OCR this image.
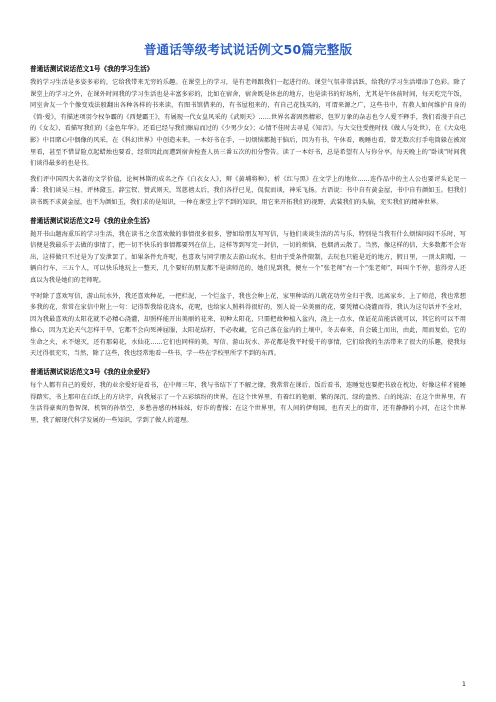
普通话等级考试说话例文50篇完整版
普通话测试说话范文1号《我的学习生活》

我的学习生活是多姿多彩的，它给我带来无穷的乐趣。在课堂上的学习，是有老师跟我们一起进行的。课堂气氛非常活跃，给我的学习生活增添了色彩。除了课堂上的学习之外，在课外时间我的学习生活也是丰富多彩的，比如在宿舍，宿舍既是休息的地方，也是读书的好场所，尤其是午休前时间，每天吃完午饭，同室舍友一个个像变戏法般翻出各种各样的书来读，有图书馆借来的，有书屋租来的，有自己花钱买的，可谓来源之广，这些书中，有教人如何维护自身的《简·爱》，有描述项羽令权争霸的《西楚霸王》，有展现一代女皇风采的《武则天》……世界名著固然精彩，包罗万象的杂志也令人爱不释手，我们看漫于自己的《女友》，看描写我们的《金色年华》。还看已经与我们擦肩而过的《少男少女》；心情不佳时去寻觅《知音》。与大交往受挫时找《做人与处世》，在《大众电影》中目睹心中偶像的风采，在《科幻世界》中创造未来。一本好书在手，一切烦恼都抛于脑后，因为有书，午休看，晚睡也看，曾无数次打手电筒躲在被窝里看，甚至不惜冒险点起蜡烛也要看，经常因此而遭到宿舍检查人员三番五次的扣分警告。读了一本好书，总是希望有人与你分享。每天晚上的“卧谈”时间我们谈得最多的也是书。

我们评中国四大名著的文学价值，论柯林斯的成名之作《白衣女人》，辩《黄埔将种》，析《红与黑》在文学上的地位……连作品中的主人公也要评头论足一番：我们谈吴三桂、评林黛玉、辞宝钗、赞武则天，骂慈禧太后，我们各抒已见，侃侃而谈，神采飞扬。古语说：书中自有黄金屋，书中自有颜如玉。但我们读书既不求黄金屋，也不为颜如玉，我们求的是知识，一种在课堂上学不到的知识，用它来开拓我们的视野，武装我们的头脑，充实我们的精神世界。

普通话测试说话范文2号《我的业余生活》

抛开书山题海重压的学习生活，我在读书之余喜欢做的事情很多很多，譬如给朋友写写信，与他们谈谈生活的苦与乐，特别是当我有什么烦恼问闷不乐时，写信便是我最乐于去做的事情了，把一切不快乐的事情都要列在信上，这样等到写完一封信，一切的烦恼，也烟消云散了。当然，像这样的信，大多数都不会寄出，这样做只不过是为了发泄罢了。如果条件允许呢，也喜欢与同学朋友去游山玩水，但由于受条件限制，去玩也只能是近的地方，假日里，一顶太阳帽，一辆自行车，三五个人，可以快乐地玩上一整天，几个要好的朋友都不是读师范的，她们见到我，便左一个“张老师”右一个“张老师”，叫叫个不停，惹得旁人还真以为我是她们的老师呢。

平时除了喜欢写信，游山玩水外，我还喜欢种花，一把栏泥，一个烂盆子，我也会种上花，家里种话的儿就花功劳全归于我，远离家乡，上了师范，我也常想多我的花，常常在家信中附上一句：记得帮我给花浇水，花呢，也给家人照料得很好的，别人说一朵美丽的花，要凭精心浇灌而得，我认为这句话并不全对，因为我最喜欢的太阳花就不必精心浇灌，却照样能开出美丽的花来，初种太阳花，只需把故种植入盆内，浇上一点水，保证花苗能活就可以，其它的可以不用操心，因为无论天气怎样干旱，它都不会向死神屈服，太阳花结籽，不必收藏，它自己落在盆内的土壤中，冬去春来，自会破土而出，由此，周而复始，它的生命之火，永不熄灭，还有那菊花，水仙花……它们也同样的美，写信、游山玩水、养花都是我平时爱干的事情，它们给我的生活带来了很大的乐趣，使我每天过得很充实，当然，除了这些，我也经常地看一些书，学一些在学校里所学不到的东西。

普通话测试说话范文3号《我的业余爱好》

每个人都有自己的爱好，我的业余爱好是看书，在中师三年，我与书结下了不解之缘，我常常在课后、饭后看书，连睡觉也要把书放在枕边，好像这样才能睡得踏实，书上那印在白纸上的方块字，向我展示了一个五彩缤纷的世界，在这个世界里，有着红的艳丽、紫的深沉、绿的盎然、白的纯洁；在这个世界里，有生活得豪爽的鲁智深，机智的孙悟空，多愁善感的林妹妹，好诈的曹操；在这个世界里，有人间的伊甸园，也有天上的街市，还有静静的小河，在这个世界里，我了解现代科学发展的一些知识，学到了做人的道理。

1
